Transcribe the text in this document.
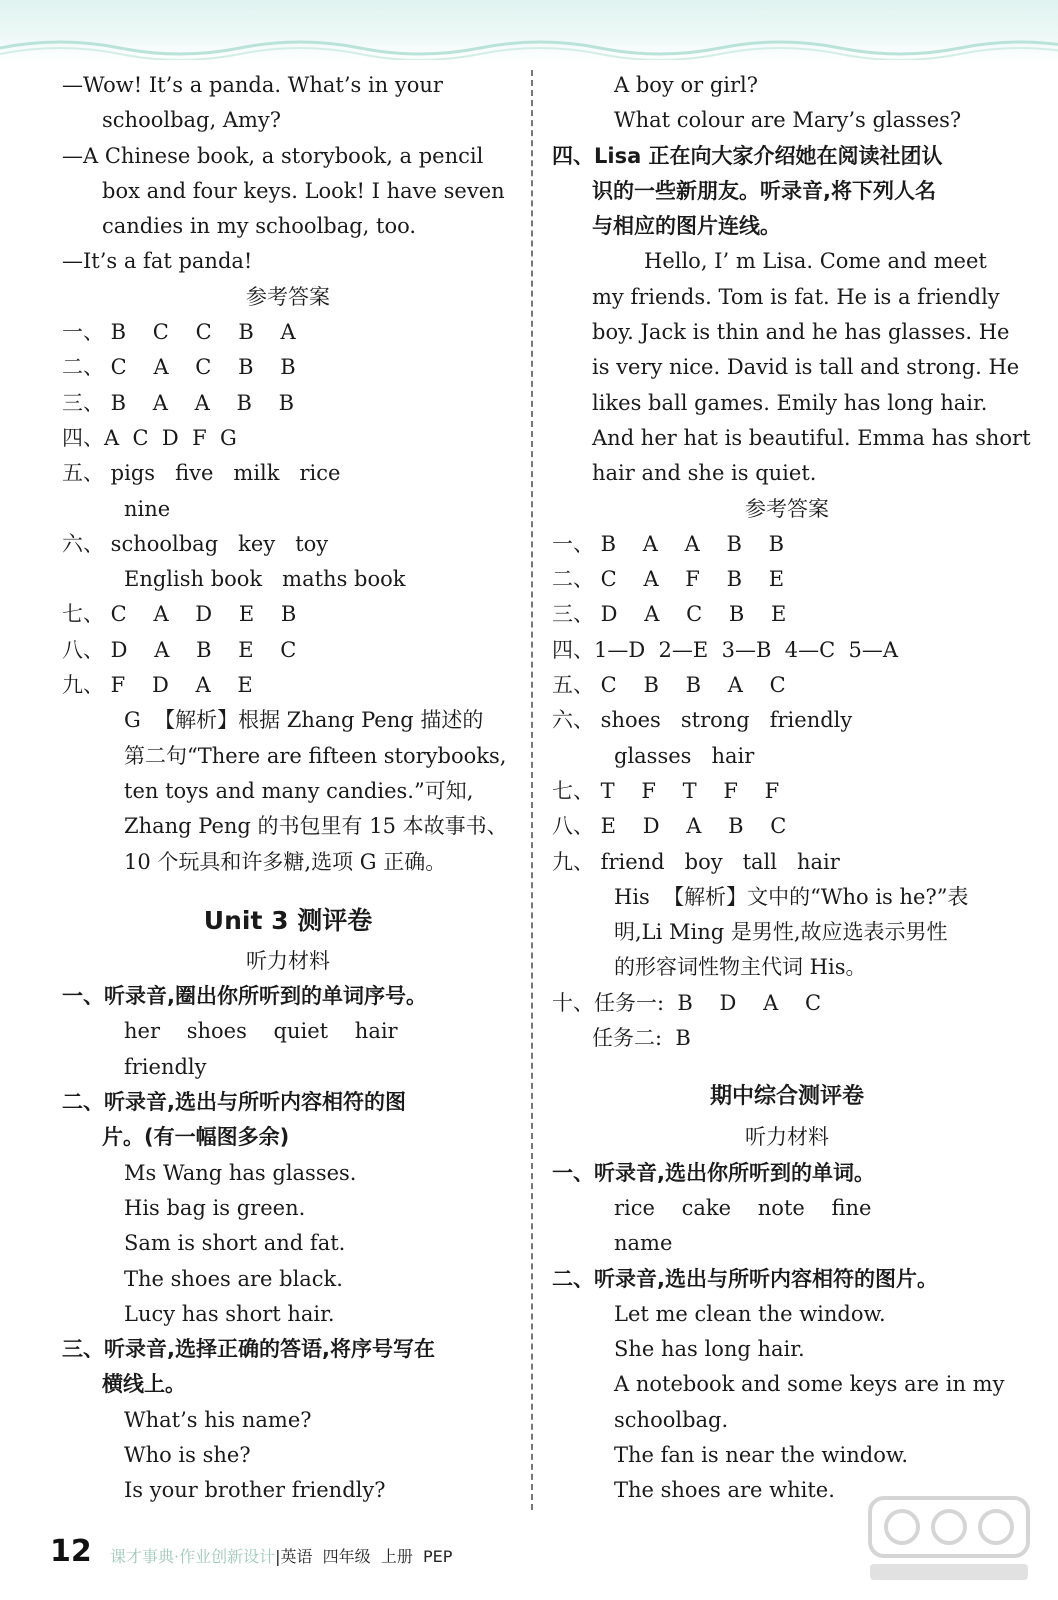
—Wow! It’s a panda. What’s in your
schoolbag, Amy?
—A Chinese book, a storybook, a pencil
box and four keys. Look! I have seven
candies in my schoolbag, too.
—It’s a fat panda!
参考答案
一、 B    C    C    B    A
二、 C    A    C    B    B
三、 B    A    A    B    B
四、A  C  D  F  G
五、 pigs   five   milk   rice
nine
六、 schoolbag   key   toy
English book   maths book
七、 C    A    D    E    B
八、 D    A    B    E    C
九、 F    D    A    E
G  【解析】根据 Zhang Peng 描述的
第二句“There are fifteen storybooks,
ten toys and many candies.”可知,
Zhang Peng 的书包里有 15 本故事书、
10 个玩具和许多糖,选项 G 正确。
Unit 3 测评卷
听力材料
一、听录音,圈出你所听到的单词序号。
her    shoes    quiet    hair
friendly
二、听录音,选出与所听内容相符的图
片。(有一幅图多余)
Ms Wang has glasses.
His bag is green.
Sam is short and fat.
The shoes are black.
Lucy has short hair.
三、听录音,选择正确的答语,将序号写在
横线上。
What’s his name?
Who is she?
Is your brother friendly?
A boy or girl?
What colour are Mary’s glasses?
四、Lisa 正在向大家介绍她在阅读社团认
识的一些新朋友。听录音,将下列人名
与相应的图片连线。
Hello, I’ m Lisa. Come and meet
my friends. Tom is fat. He is a friendly
boy. Jack is thin and he has glasses. He
is very nice. David is tall and strong. He
likes ball games. Emily has long hair.
And her hat is beautiful. Emma has short
hair and she is quiet.
参考答案
一、 B    A    A    B    B
二、 C    A    F    B    E
三、 D    A    C    B    E
四、1—D  2—E  3—B  4—C  5—A
五、 C    B    B    A    C
六、 shoes   strong   friendly
glasses   hair
七、 T    F    T    F    F
八、 E    D    A    B    C
九、 friend   boy   tall   hair
His  【解析】文中的“Who is he?”表
明,Li Ming 是男性,故应选表示男性
的形容词性物主代词 His。
十、任务一:  B    D    A    C
任务二:  B
期中综合测评卷
听力材料
一、听录音,选出你所听到的单词。
rice    cake    note    fine
name
二、听录音,选出与所听内容相符的图片。
Let me clean the window.
She has long hair.
A notebook and some keys are in my
schoolbag.
The fan is near the window.
The shoes are white.
12 课才事典·作业创新设计|英语  四年级  上册  PEP
